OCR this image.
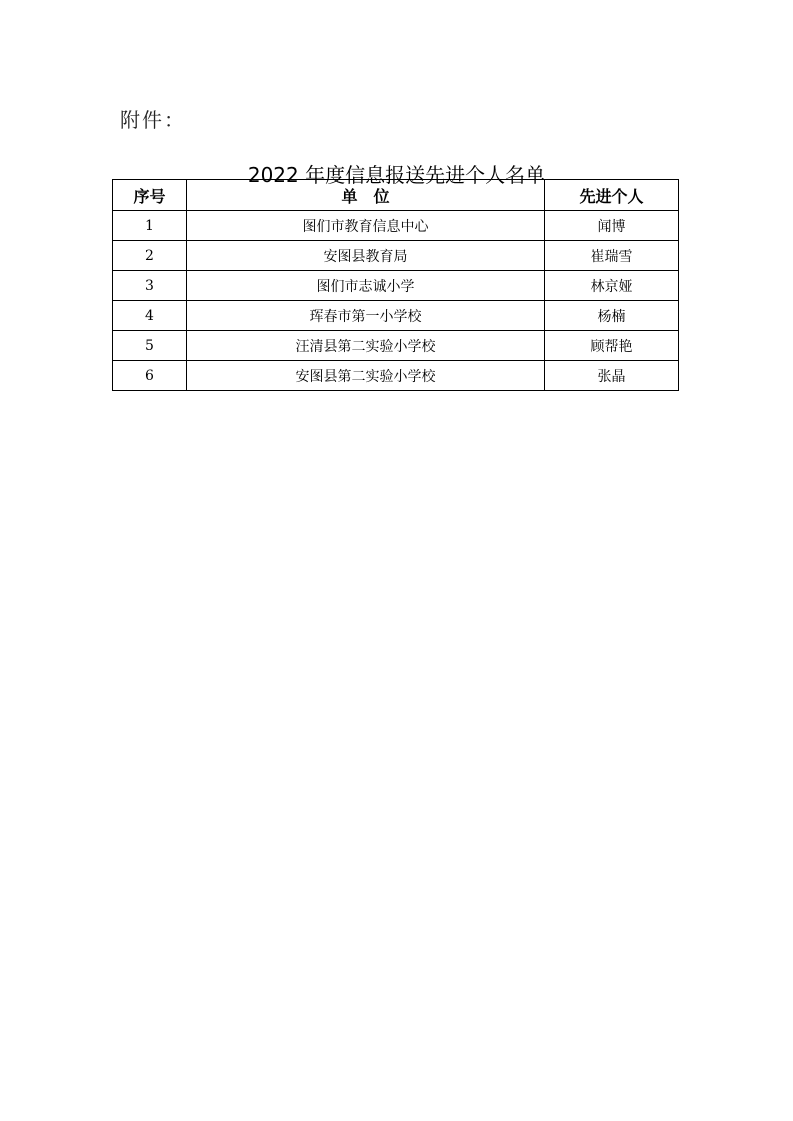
附件：
2022 年度信息报送先进个人名单
序号	单　位	先进个人
1	图们市教育信息中心	闻博
2	安图县教育局	崔瑞雪
3	图们市志诚小学	林京娅
4	珲春市第一小学校	杨楠
5	汪清县第二实验小学校	顾帮艳
6	安图县第二实验小学校	张晶
